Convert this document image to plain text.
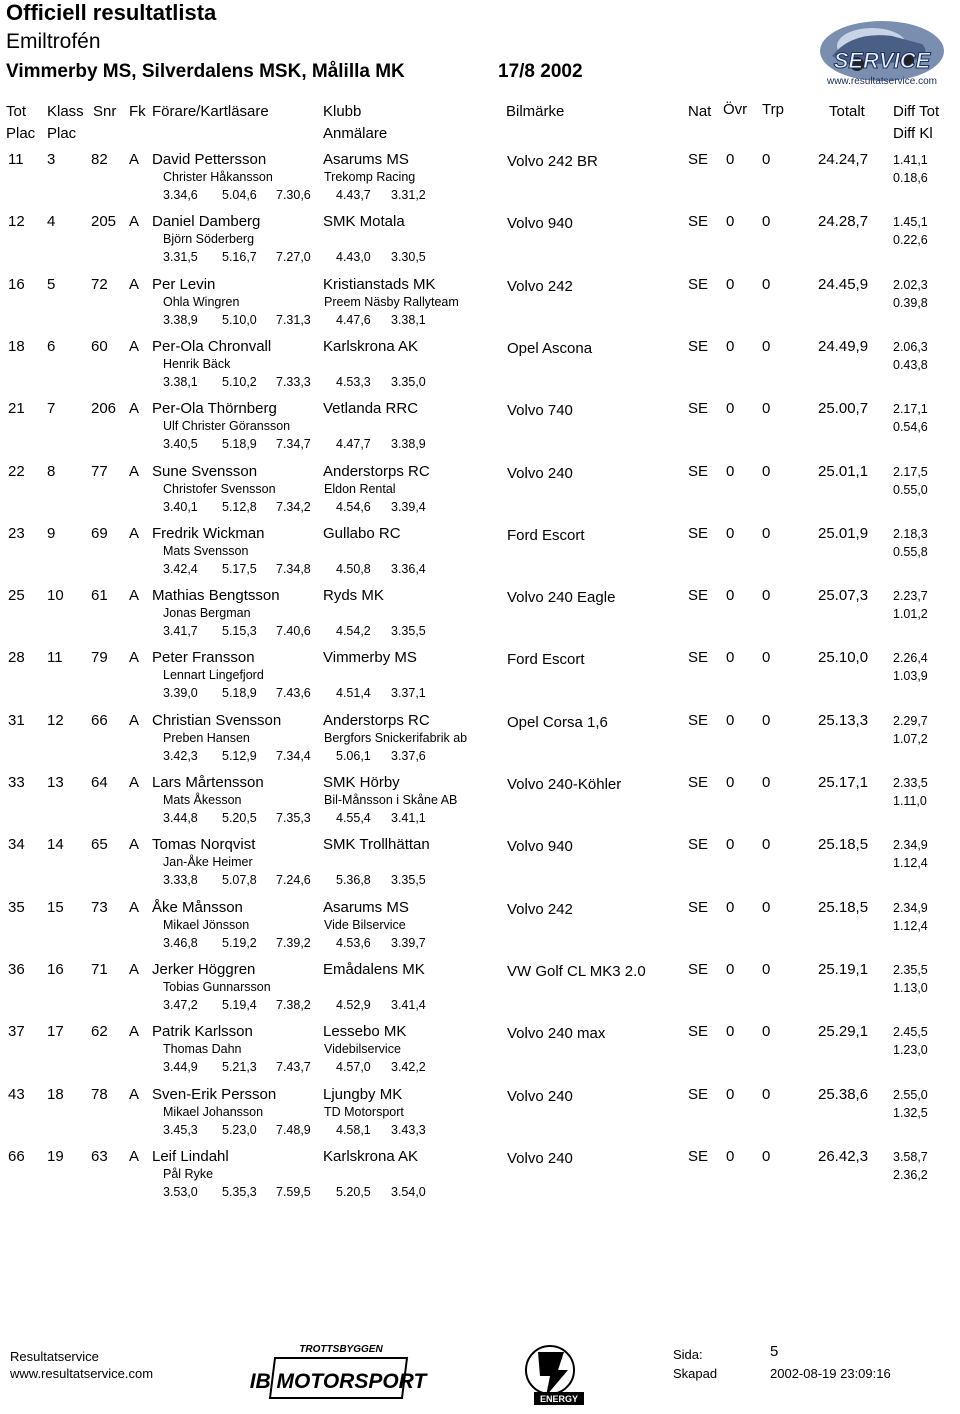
Officiell resultatlista
Emiltrofén
Vimmerby MS, Silverdalens MSK, Målilla MK	17/8 2002	SERVICE
www.resultatservice.com
Tot
Plac
Klass
Plac
Snr Fk Förare/Kartläsare	Klubb
Anmälare
Bilmärke	Nat Övr Trp	Totalt Diff Tot
Diff Kl
11 3 82 A David Pettersson	Asarums MS	Volvo 242 BR	SE 0 0	24.24,7 1.41,1
Christer Håkansson	Trekomp Racing	0.18,6
3.34,6 5.04,6 7.30,6 4.43,7 3.31,2
12 4 205 A Daniel Damberg	SMK Motala	Volvo 940	SE 0 0	24.28,7 1.45,1
Björn Söderberg	0.22,6
3.31,5 5.16,7 7.27,0 4.43,0 3.30,5
16 5 72 A Per Levin	Kristianstads MK	Volvo 242	SE 0 0	24.45,9 2.02,3
Ohla Wingren	Preem Näsby Rallyteam	0.39,8
3.38,9 5.10,0 7.31,3 4.47,6 3.38,1
18 6 60 A Per-Ola Chronvall	Karlskrona AK	Opel Ascona	SE 0 0	24.49,9 2.06,3
Henrik Bäck	0.43,8
3.38,1 5.10,2 7.33,3 4.53,3 3.35,0
21 7 206 A Per-Ola Thörnberg	Vetlanda RRC	Volvo 740	SE 0 0	25.00,7 2.17,1
Ulf Christer Göransson	0.54,6
3.40,5 5.18,9 7.34,7 4.47,7 3.38,9
22 8 77 A Sune Svensson	Anderstorps RC	Volvo 240	SE 0 0	25.01,1 2.17,5
Christofer Svensson	Eldon Rental	0.55,0
3.40,1 5.12,8 7.34,2 4.54,6 3.39,4
23 9 69 A Fredrik Wickman	Gullabo RC	Ford Escort	SE 0 0	25.01,9 2.18,3
Mats Svensson	0.55,8
3.42,4 5.17,5 7.34,8 4.50,8 3.36,4
25 10 61 A Mathias Bengtsson	Ryds MK	Volvo 240 Eagle	SE 0 0	25.07,3 2.23,7
Jonas Bergman	1.01,2
3.41,7 5.15,3 7.40,6 4.54,2 3.35,5
28 11 79 A Peter Fransson	Vimmerby MS	Ford Escort	SE 0 0	25.10,0 2.26,4
Lennart Lingefjord	1.03,9
3.39,0 5.18,9 7.43,6 4.51,4 3.37,1
31 12 66 A Christian Svensson	Anderstorps RC	Opel Corsa 1,6	SE 0 0	25.13,3 2.29,7
Preben Hansen	Bergfors Snickerifabrik ab	1.07,2
3.42,3 5.12,9 7.34,4 5.06,1 3.37,6
33 13 64 A Lars Mårtensson	SMK Hörby	Volvo 240-Köhler	SE 0 0	25.17,1 2.33,5
Mats Åkesson	Bil-Månsson i Skåne AB	1.11,0
3.44,8 5.20,5 7.35,3 4.55,4 3.41,1
34 14 65 A Tomas Norqvist	SMK Trollhättan	Volvo 940	SE 0 0	25.18,5 2.34,9
Jan-Åke Heimer	1.12,4
3.33,8 5.07,8 7.24,6 5.36,8 3.35,5
35 15 73 A Åke Månsson	Asarums MS	Volvo 242	SE 0 0	25.18,5 2.34,9
Mikael Jönsson	Vide Bilservice	1.12,4
3.46,8 5.19,2 7.39,2 4.53,6 3.39,7
36 16 71 A Jerker Höggren	Emådalens MK	VW Golf CL MK3 2.0	SE 0 0	25.19,1 2.35,5
Tobias Gunnarsson	1.13,0
3.47,2 5.19,4 7.38,2 4.52,9 3.41,4
37 17 62 A Patrik Karlsson	Lessebo MK	Volvo 240 max	SE 0 0	25.29,1 2.45,5
Thomas Dahn	Videbilservice	1.23,0
3.44,9 5.21,3 7.43,7 4.57,0 3.42,2
43 18 78 A Sven-Erik Persson	Ljungby MK	Volvo 240	SE 0 0	25.38,6 2.55,0
Mikael Johansson	TD Motorsport	1.32,5
3.45,3 5.23,0 7.48,9 4.58,1 3.43,3
66 19 63 A Leif Lindahl	Karlskrona AK	Volvo 240	SE 0 0	26.42,3 3.58,7
Pål Ryke	2.36,2
3.53,0 5.35,3 7.59,5 5.20,5 3.54,0
Resultatservice
www.resultatservice.com
TROTTSBYGGEN
IB MOTORSPORT
ENERGY
Sida:	5
Skapad	2002-08-19 23:09:16
